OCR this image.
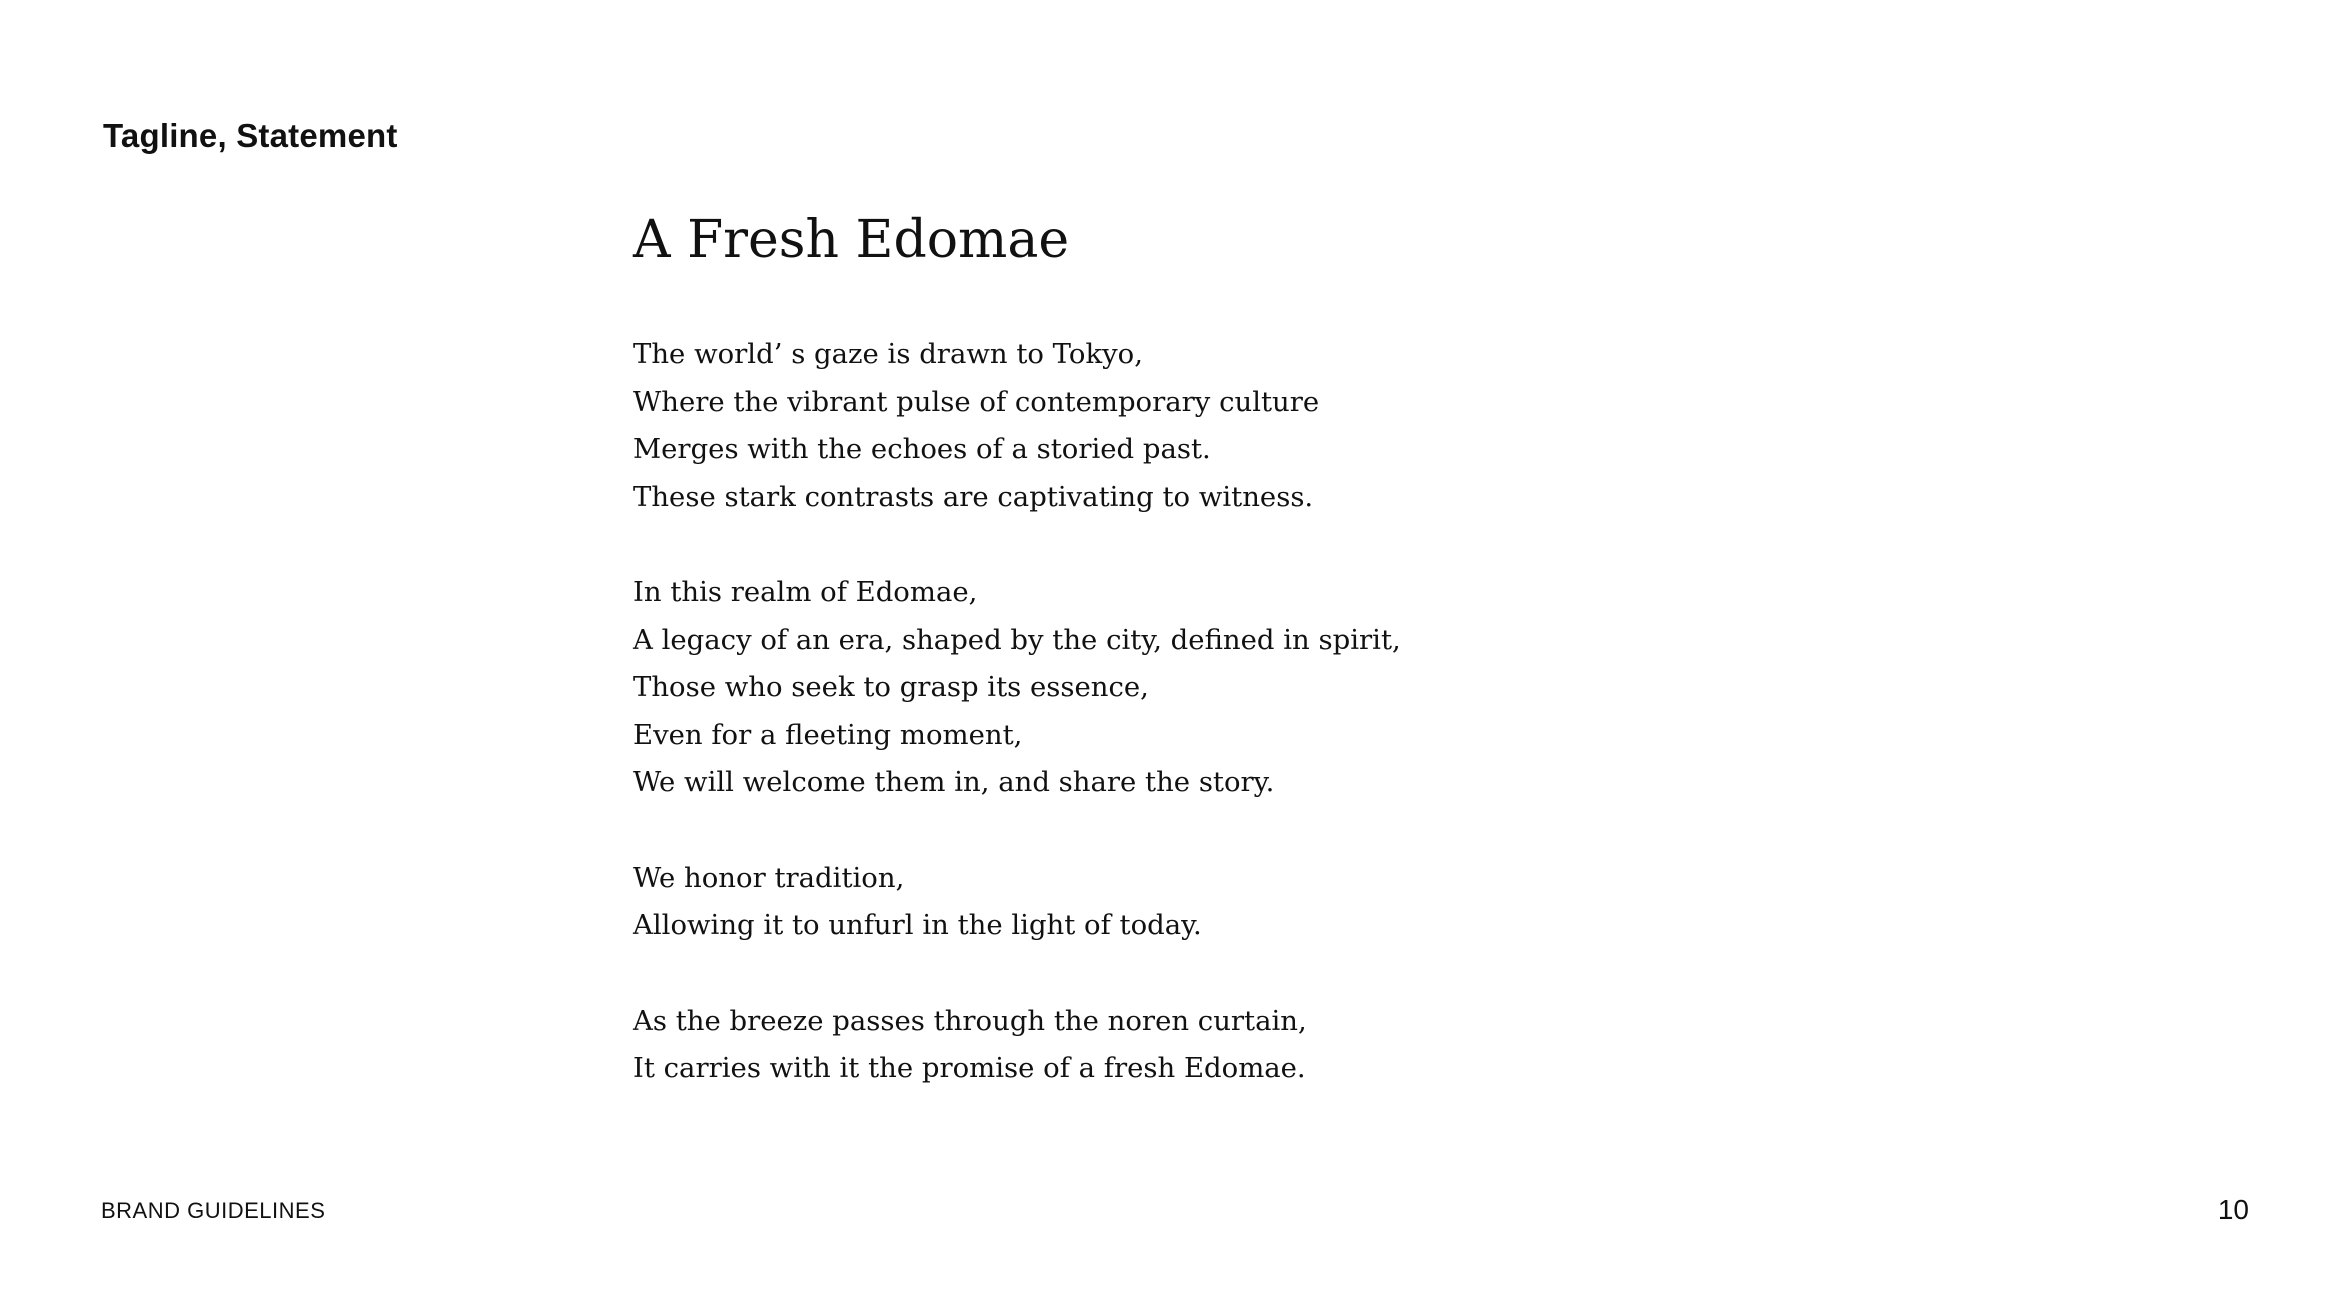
Tagline, Statement
A Fresh Edomae
The world’ s gaze is drawn to Tokyo,
Where the vibrant pulse of contemporary culture
Merges with the echoes of a storied past.
These stark contrasts are captivating to witness.
In this realm of Edomae,
A legacy of an era, shaped by the city, defined in spirit,
Those who seek to grasp its essence,
Even for a fleeting moment,
We will welcome them in, and share the story.
We honor tradition,
Allowing it to unfurl in the light of today.
As the breeze passes through the noren curtain,
It carries with it the promise of a fresh Edomae.
BRAND GUIDELINES	10
